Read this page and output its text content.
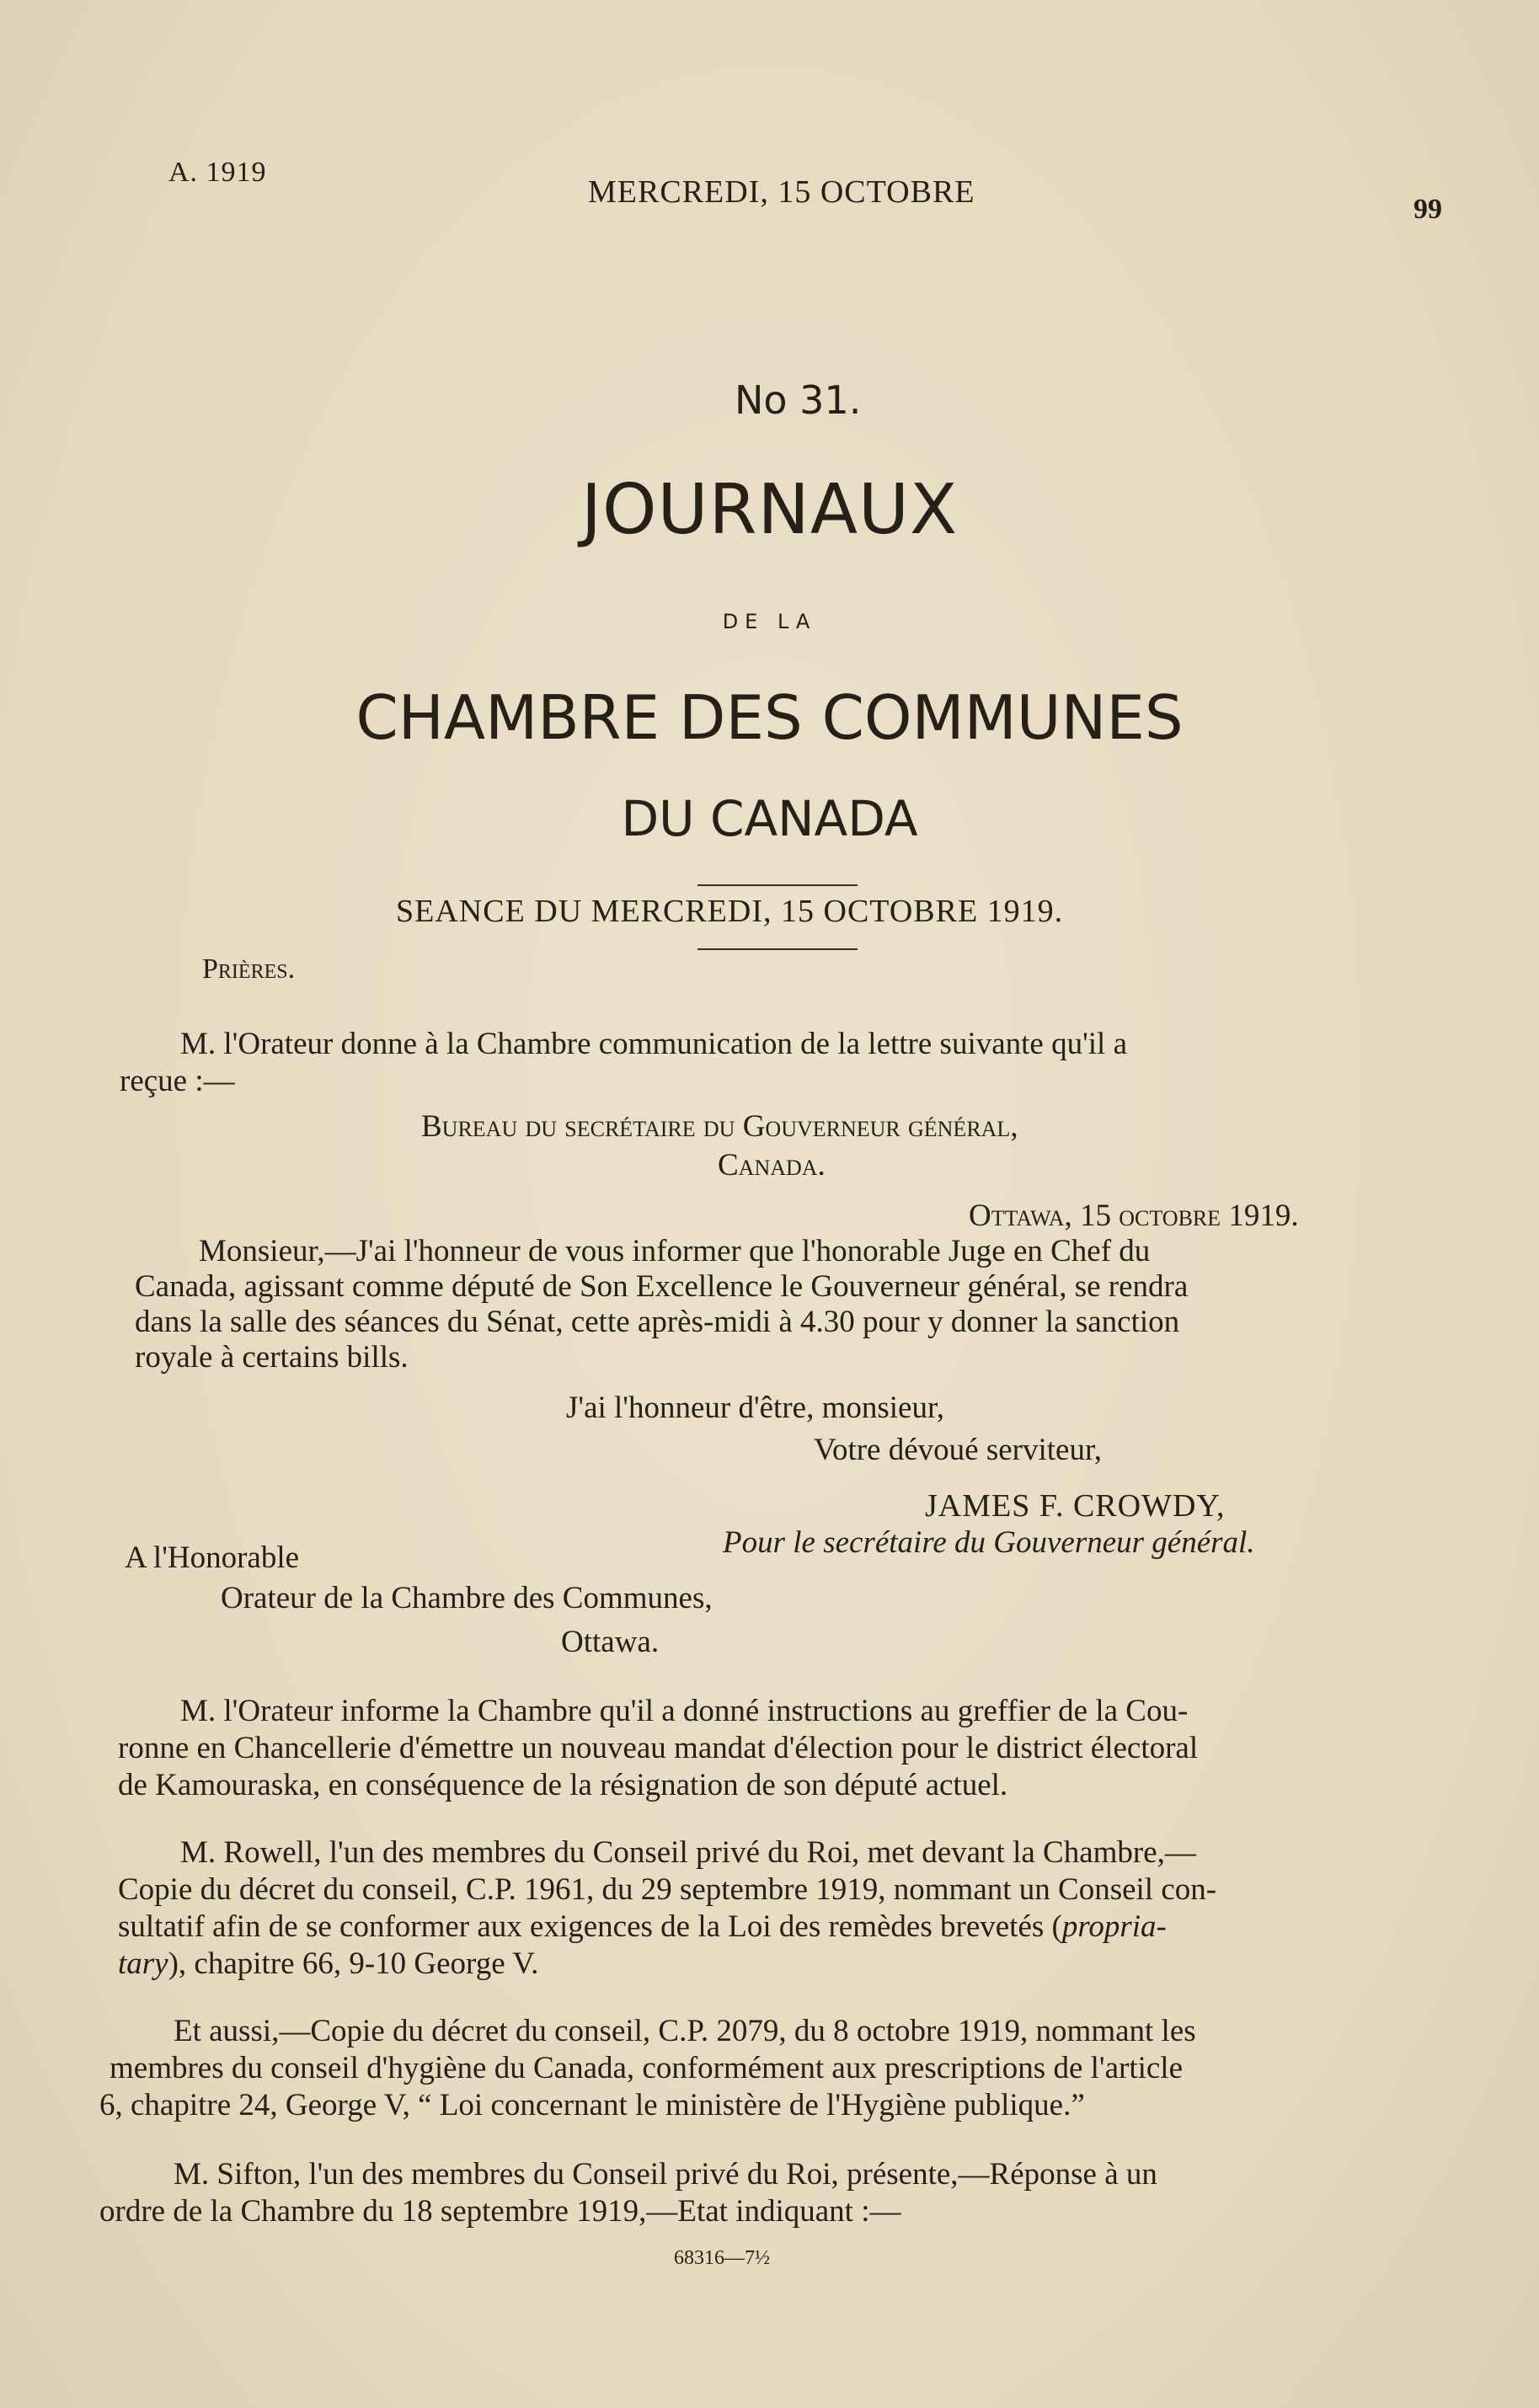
A. 1919
MERCREDI, 15 OCTOBRE	99
No 31.
JOURNAUX
DE LA
CHAMBRE DES COMMUNES
DU CANADA
SEANCE DU MERCREDI, 15 OCTOBRE 1919.
Prières.
M. l'Orateur donne à la Chambre communication de la lettre suivante qu'il a
reçue :—
Bureau du secrétaire du Gouverneur général,
Canada.
Ottawa, 15 octobre 1919.
Monsieur,—J'ai l'honneur de vous informer que l'honorable Juge en Chef du
Canada, agissant comme député de Son Excellence le Gouverneur général, se rendra
dans la salle des séances du Sénat, cette après-midi à 4.30 pour y donner la sanction
royale à certains bills.
J'ai l'honneur d'être, monsieur,
Votre dévoué serviteur,
JAMES F. CROWDY,
Pour le secrétaire du Gouverneur général.
A l'Honorable
Orateur de la Chambre des Communes,
Ottawa.
M. l'Orateur informe la Chambre qu'il a donné instructions au greffier de la Cou-
ronne en Chancellerie d'émettre un nouveau mandat d'élection pour le district électoral
de Kamouraska, en conséquence de la résignation de son député actuel.
M. Rowell, l'un des membres du Conseil privé du Roi, met devant la Chambre,—
Copie du décret du conseil, C.P. 1961, du 29 septembre 1919, nommant un Conseil con-
sultatif afin de se conformer aux exigences de la Loi des remèdes brevetés (propria-
tary), chapitre 66, 9-10 George V.
Et aussi,—Copie du décret du conseil, C.P. 2079, du 8 octobre 1919, nommant les
membres du conseil d'hygiène du Canada, conformément aux prescriptions de l'article
6, chapitre 24, George V, “ Loi concernant le ministère de l'Hygiène publique.”
M. Sifton, l'un des membres du Conseil privé du Roi, présente,—Réponse à un
ordre de la Chambre du 18 septembre 1919,—Etat indiquant :—
68316—7½
